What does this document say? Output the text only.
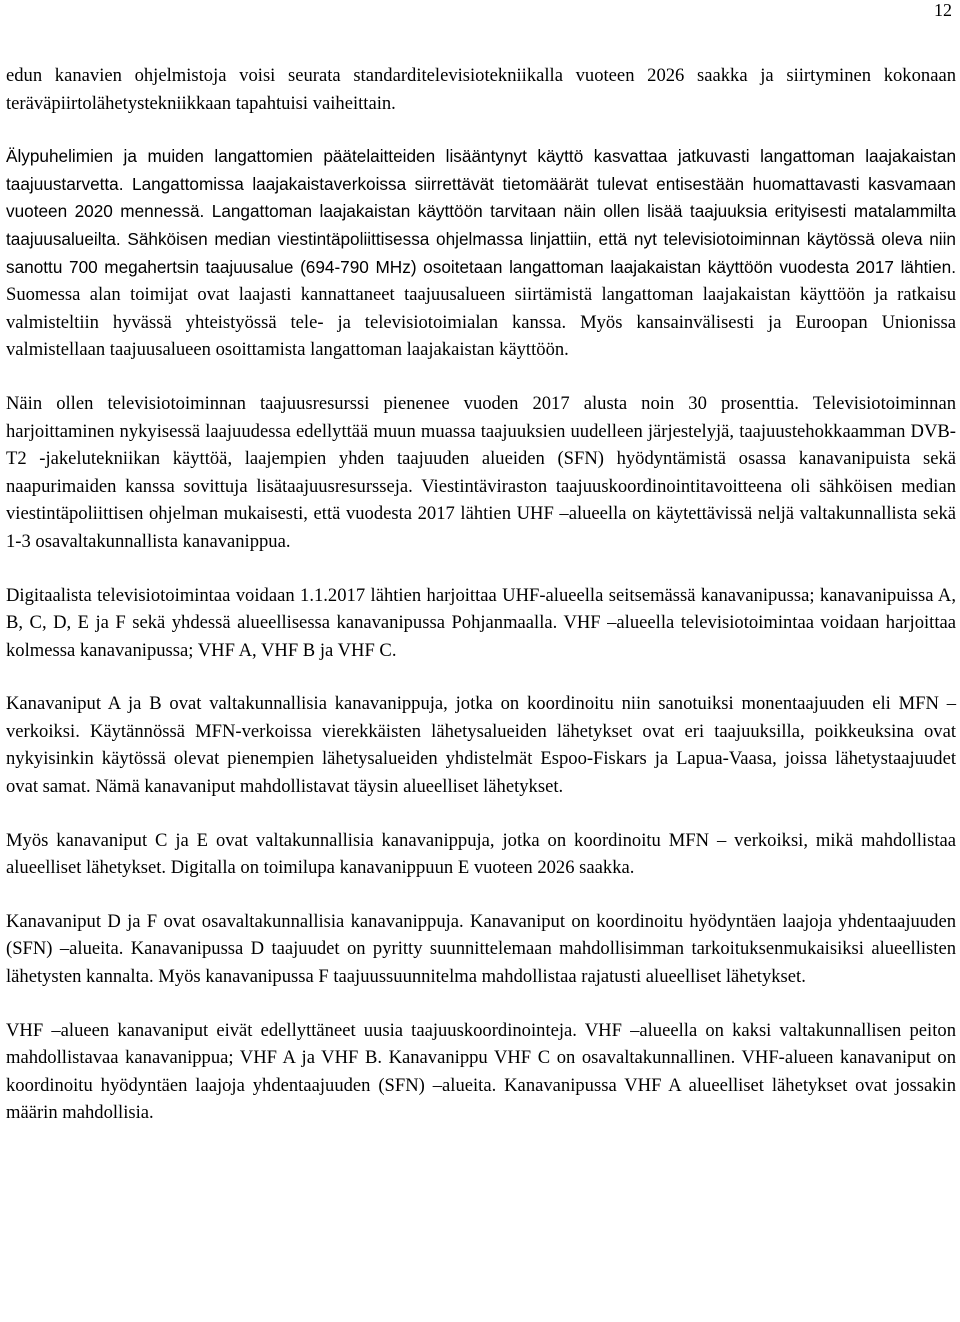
12

edun kanavien ohjelmistoja voisi seurata standarditelevisiotekniikalla vuoteen 2026 saakka ja siirtyminen kokonaan teräväpiirtolähetystekniikkaan tapahtuisi vaiheittain.

Älypuhelimien ja muiden langattomien päätelaitteiden lisääntynyt käyttö kasvattaa jatkuvasti langattoman laajakaistan taajuustarvetta. Langattomissa laajakaistaverkoissa siirrettävät tietomäärät tulevat entisestään huomattavasti kasvamaan vuoteen 2020 mennessä. Langattoman laajakaistan käyttöön tarvitaan näin ollen lisää taajuuksia erityisesti matalammilta taajuusalueilta. Sähköisen median viestintäpoliittisessa ohjelmassa linjattiin, että nyt televisiotoiminnan käytössä oleva niin sanottu 700 megahertsin taajuusalue (694-790 MHz) osoitetaan langattoman laajakaistan käyttöön vuodesta 2017 lähtien. Suomessa alan toimijat ovat laajasti kannattaneet taajuusalueen siirtämistä langattoman laajakaistan käyttöön ja ratkaisu valmisteltiin hyvässä yhteistyössä tele- ja televisiotoimialan kanssa. Myös kansainvälisesti ja Euroopan Unionissa valmistellaan taajuusalueen osoittamista langattoman laajakaistan käyttöön.

Näin ollen televisiotoiminnan taajuusresurssi pienenee vuoden 2017 alusta noin 30 prosenttia. Televisiotoiminnan harjoittaminen nykyisessä laajuudessa edellyttää muun muassa taajuuksien uudelleen järjestelyjä, taajuustehokkaamman DVB-T2 -jakelutekniikan käyttöä, laajempien yhden taajuuden alueiden (SFN) hyödyntämistä osassa kanavanipuista sekä naapurimaiden kanssa sovittuja lisätaajuusresursseja. Viestintäviraston taajuuskoordinointitavoitteena oli sähköisen median viestintäpoliittisen ohjelman mukaisesti, että vuodesta 2017 lähtien UHF –alueella on käytettävissä neljä valtakunnallista sekä 1-3 osavaltakunnallista kanavanippua.

Digitaalista televisiotoimintaa voidaan 1.1.2017 lähtien harjoittaa UHF-alueella seitsemässä kanavanipussa; kanavanipuissa A, B, C, D, E ja F sekä yhdessä alueellisessa kanavanipussa Pohjanmaalla. VHF –alueella televisiotoimintaa voidaan harjoittaa kolmessa kanavanipussa; VHF A, VHF B ja VHF C.

Kanavaniput A ja B ovat valtakunnallisia kanavanippuja, jotka on koordinoitu niin sanotuiksi monentaajuuden eli MFN –verkoiksi. Käytännössä MFN-verkoissa vierekkäisten lähetysalueiden lähetykset ovat eri taajuuksilla, poikkeuksina ovat nykyisinkin käytössä olevat pienempien lähetysalueiden yhdistelmät Espoo-Fiskars ja Lapua-Vaasa, joissa lähetystaajuudet ovat samat. Nämä kanavaniput mahdollistavat täysin alueelliset lähetykset.

Myös kanavaniput C ja E ovat valtakunnallisia kanavanippuja, jotka on koordinoitu MFN – verkoiksi, mikä mahdollistaa alueelliset lähetykset. Digitalla on toimilupa kanavanippuun E vuoteen 2026 saakka.

Kanavaniput D ja F ovat osavaltakunnallisia kanavanippuja. Kanavaniput on koordinoitu hyödyntäen laajoja yhdentaajuuden (SFN) –alueita. Kanavanipussa D taajuudet on pyritty suunnittelemaan mahdollisimman tarkoituksenmukaisiksi alueellisten lähetysten kannalta. Myös kanavanipussa F taajuussuunnitelma mahdollistaa rajatusti alueelliset lähetykset.

VHF –alueen kanavaniput eivät edellyttäneet uusia taajuuskoordinointeja. VHF –alueella on kaksi valtakunnallisen peiton mahdollistavaa kanavanippua; VHF A ja VHF B. Kanavanippu VHF C on osavaltakunnallinen. VHF-alueen kanavaniput on koordinoitu hyödyntäen laajoja yhdentaajuuden (SFN) –alueita. Kanavanipussa VHF A alueelliset lähetykset ovat jossakin määrin mahdollisia.
